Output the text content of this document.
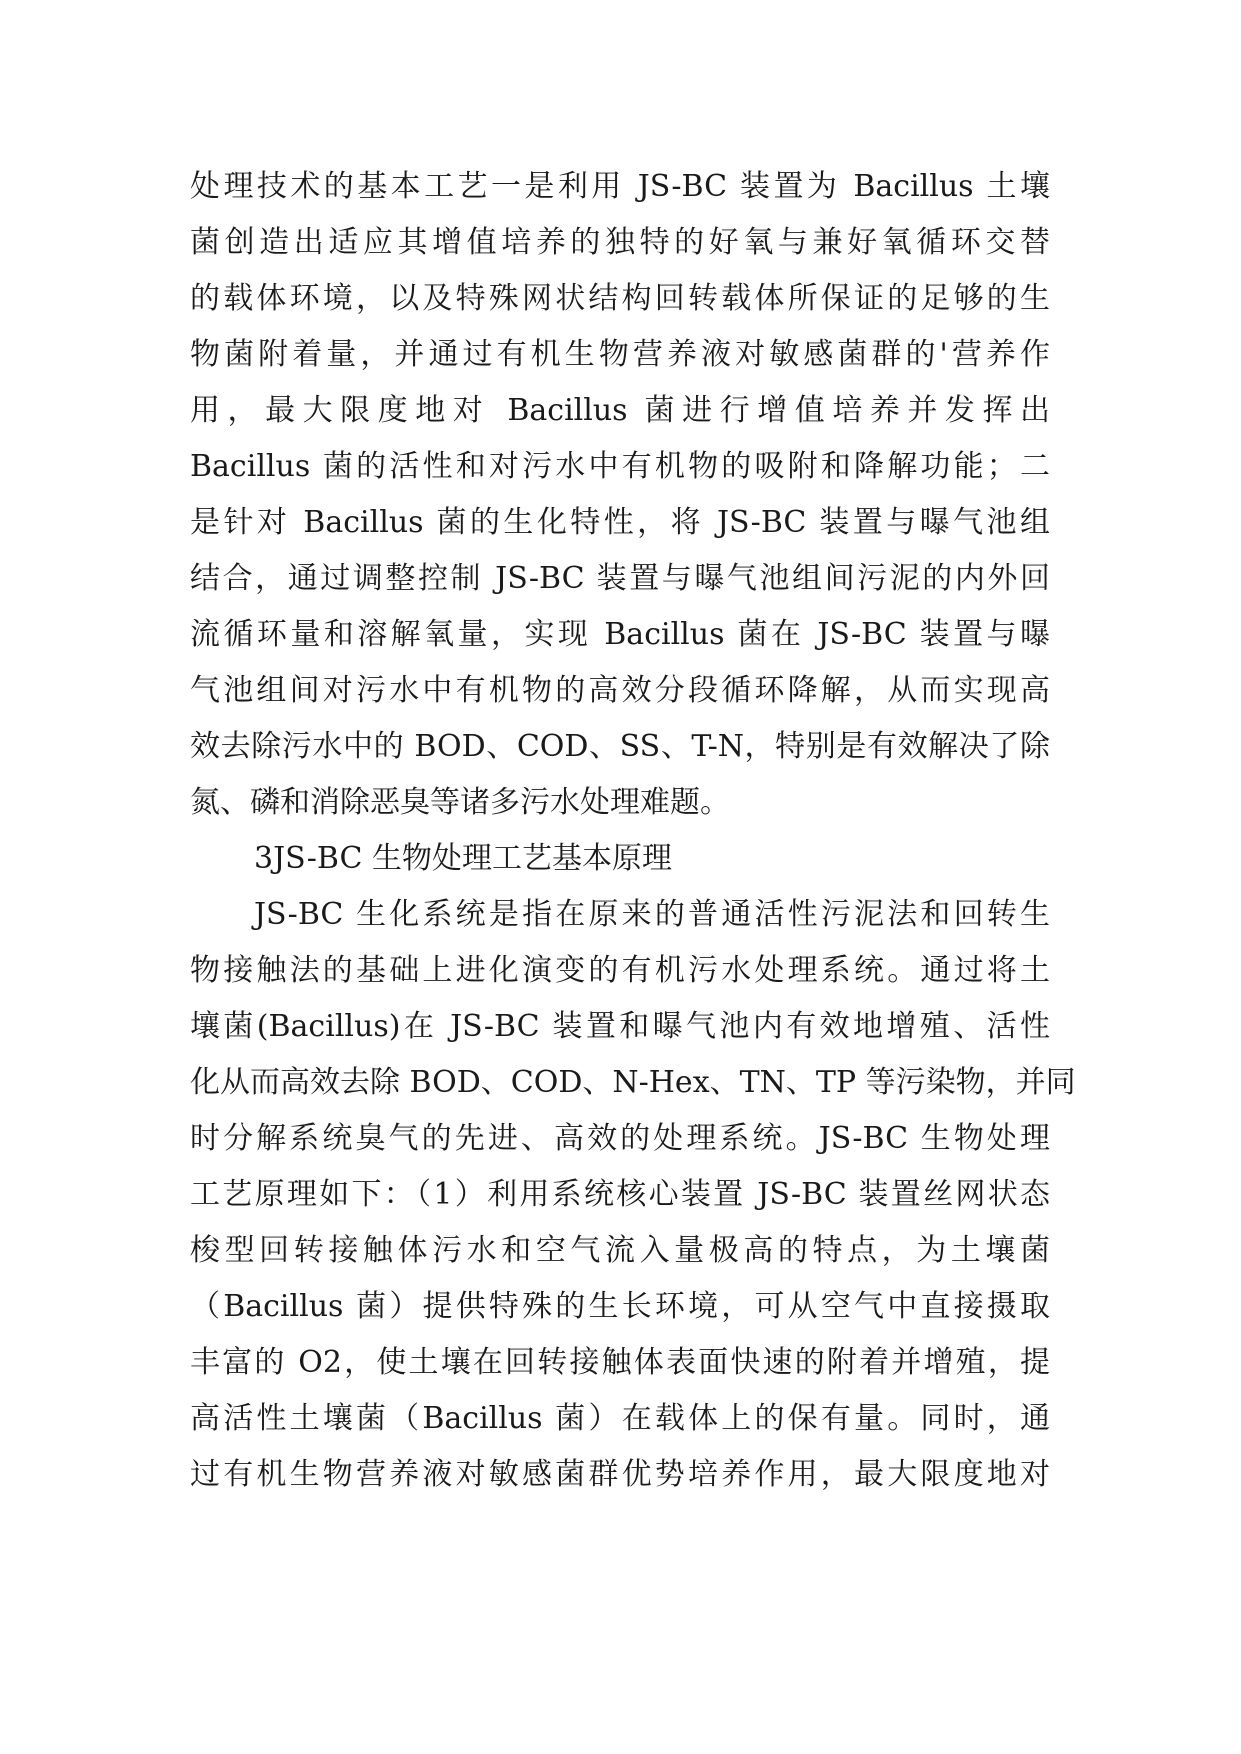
处理技术的基本工艺一是利用 JS-BC 装置为 Bacillus 土壤
菌创造出适应其增值培养的独特的好氧与兼好氧循环交替
的载体环境，以及特殊网状结构回转载体所保证的足够的生
物菌附着量，并通过有机生物营养液对敏感菌群的'营养作
用，最大限度地对 Bacillus 菌进行增值培养并发挥出
Bacillus 菌的活性和对污水中有机物的吸附和降解功能；二
是针对 Bacillus 菌的生化特性，将 JS-BC 装置与曝气池组
结合，通过调整控制 JS-BC 装置与曝气池组间污泥的内外回
流循环量和溶解氧量，实现 Bacillus 菌在 JS-BC 装置与曝
气池组间对污水中有机物的高效分段循环降解，从而实现高
效去除污水中的 BOD、COD、SS、T-N，特别是有效解决了除
氮、磷和消除恶臭等诸多污水处理难题。
3JS-BC 生物处理工艺基本原理
JS-BC 生化系统是指在原来的普通活性污泥法和回转生
物接触法的基础上进化演变的有机污水处理系统。通过将土
壤菌(Bacillus)在 JS-BC 装置和曝气池内有效地增殖、活性
化从而高效去除 BOD、COD、N-Hex、TN、TP 等污染物，并同
时分解系统臭气的先进、高效的处理系统。JS-BC 生物处理
工艺原理如下：（1）利用系统核心装置 JS-BC 装置丝网状态
梭型回转接触体污水和空气流入量极高的特点，为土壤菌
（Bacillus 菌）提供特殊的生长环境，可从空气中直接摄取
丰富的 O2，使土壤在回转接触体表面快速的附着并增殖，提
高活性土壤菌（Bacillus 菌）在载体上的保有量。同时，通
过有机生物营养液对敏感菌群优势培养作用，最大限度地对
